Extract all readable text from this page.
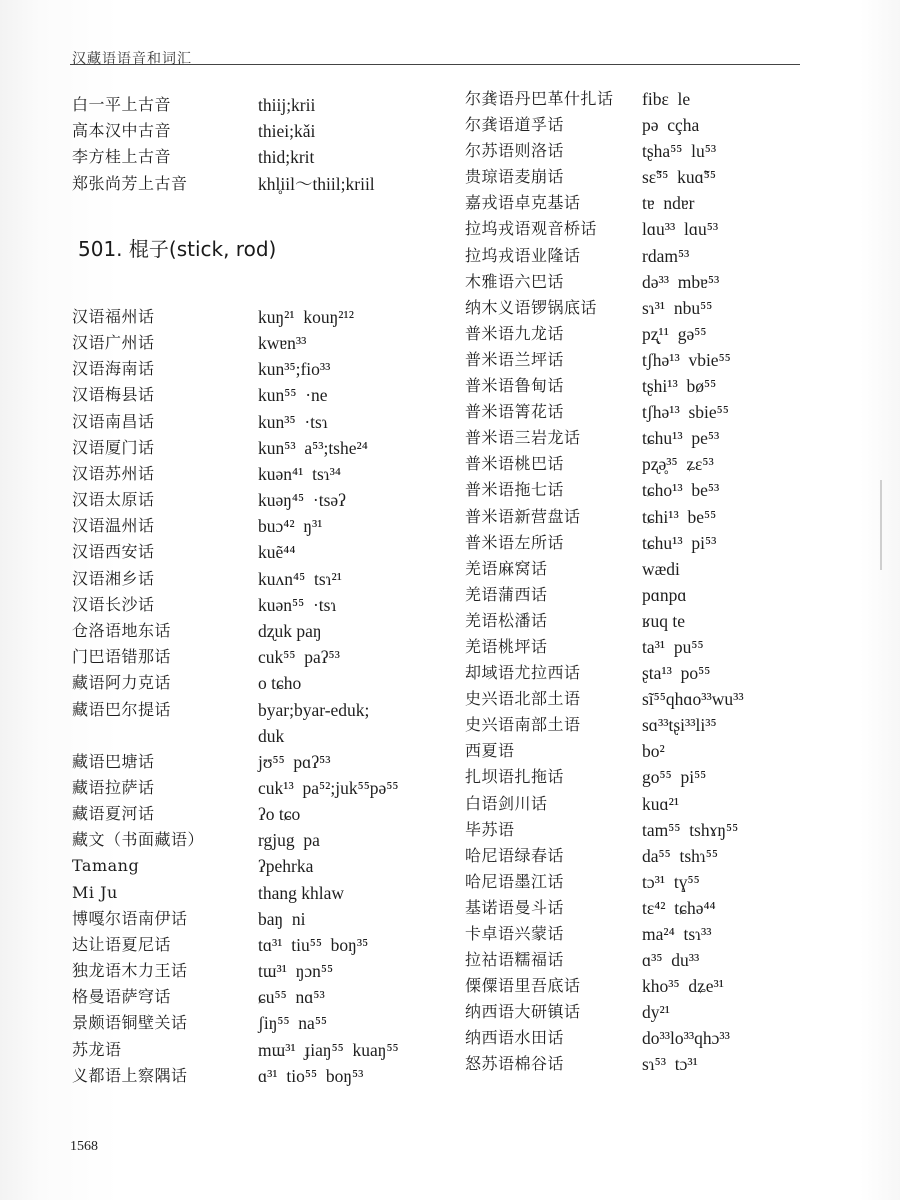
汉藏语语音和词汇
白一平上古音	thiij;krii
高本汉中古音	thiei;kǎi
李方桂上古音	thid;krit
郑张尚芳上古音	khl̥iil～thiil;kriil
501. 棍子(stick, rod)
汉语福州话	kuŋ²¹  kouŋ²¹²
汉语广州话	kwɐn³³
汉语海南话	kun³⁵;fio³³
汉语梅县话	kun⁵⁵  ·ne
汉语南昌话	kun³⁵  ·tsɿ
汉语厦门话	kun⁵³  a⁵³;tshe²⁴
汉语苏州话	kuən⁴¹  tsɿ³⁴
汉语太原话	kuəŋ⁴⁵  ·tsəʔ
汉语温州话	buɔ⁴²  ŋ³¹
汉语西安话	kuẽ⁴⁴
汉语湘乡话	kuʌn⁴⁵  tsɿ²¹
汉语长沙话	kuən⁵⁵  ·tsɿ
仓洛语地东话	dʐuk paŋ
门巴语错那话	cuk⁵⁵  paʔ⁵³
藏语阿力克话	o tɕho
藏语巴尔提话	byar;byar-eduk;
duk
藏语巴塘话	jʊ⁵⁵  pɑʔ⁵³
藏语拉萨话	cuk¹³  pa⁵²;juk⁵⁵pə⁵⁵
藏语夏河话	ʔo tɕo
藏文（书面藏语）	rgjug  pa
Tamang	ʔpehrka
Mi Ju	thang khlaw
博嘎尔语南伊话	baŋ  ni
达让语夏尼话	tɑ³¹  tiu⁵⁵  boŋ³⁵
独龙语木力王话	tɯ³¹  ŋɔn⁵⁵
格曼语萨穹话	ɕu⁵⁵  nɑ⁵³
景颇语铜壁关话	ʃiŋ⁵⁵  na⁵⁵
苏龙语	mɯ³¹  ɟiaŋ⁵⁵  kuaŋ⁵⁵
义都语上察隅话	ɑ³¹  tio⁵⁵  boŋ⁵³
尔龚语丹巴革什扎话 fibɛ  le
尔龚语道孚话	pə  cçha
尔苏语则洛话	tʂha⁵⁵  lu⁵³
贵琼语麦崩话	sɛ̃⁵⁵  kuɑ̃⁵⁵
嘉戎语卓克基话	tɐ  ndɐr
拉坞戎语观音桥话	lɑu³³  lɑu⁵³
拉坞戎语业隆话	rdam⁵³
木雅语六巴话	də³³  mbɐ⁵³
纳木义语锣锅底话	sɿ³¹  nbu⁵⁵
普米语九龙话	pʐ̩¹¹  gə⁵⁵
普米语兰坪话	tʃhə¹³  vbie⁵⁵
普米语鲁甸话	tʂhi¹³  bø⁵⁵
普米语箐花话	tʃhə¹³  sbie⁵⁵
普米语三岩龙话	tɕhu¹³  pe⁵³
普米语桃巴话	pʐə̥³⁵  ʑɛ⁵³
普米语拖七话	tɕho¹³  be⁵³
普米语新营盘话	tɕhi¹³  be⁵⁵
普米语左所话	tɕhu¹³  pi⁵³
羌语麻窝话	wædi
羌语蒲西话	pɑnpɑ
羌语松潘话	ʁuq te
羌语桃坪话	ta³¹  pu⁵⁵
却域语尤拉西话	ʂta¹³  po⁵⁵
史兴语北部土语	sĩ⁵⁵qhɑo³³wu³³
史兴语南部土语	sɑ³³tʂi³³li³⁵
西夏语	bo²
扎坝语扎拖话	go⁵⁵  pi⁵⁵
白语剑川话	kuɑ²¹
毕苏语	tam⁵⁵  tshɤŋ⁵⁵
哈尼语绿春话	da⁵⁵  tshɿ⁵⁵
哈尼语墨江话	tɔ³¹  tɣ⁵⁵
基诺语曼斗话	tɛ⁴²  tɕhə⁴⁴
卡卓语兴蒙话	ma²⁴  tsɿ³³
拉祜语糯福话	ɑ³⁵  du³³
傈僳语里吾底话	kho³⁵  dʑe³¹
纳西语大研镇话	dy²¹
纳西语水田话	do³³lo³³qhɔ³³
怒苏语棉谷话	sɿ⁵³  tɔ³¹
1568
